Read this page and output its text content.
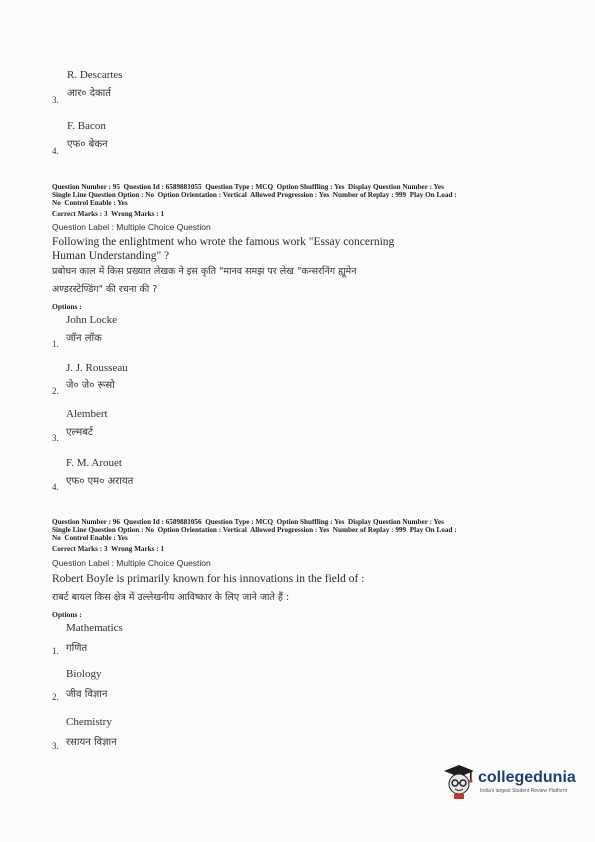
R. Descartes
आर० देकार्त
3.
F. Bacon
एफ० बेकन
4.
Question Number : 95  Question Id : 6589881055  Question Type : MCQ  Option Shuffling : Yes  Display Question Number : Yes
Single Line Question Option : No  Option Orientation : Vertical  Allowed Progression : Yes  Number of Replay : 999  Play On Load :
No  Control Enable : Yes
Correct Marks : 3  Wrong Marks : 1
Question Label : Multiple Choice Question
Following the enlightment who wrote the famous work "Essay concerning
Human Understanding" ?
प्रबोधन काल में किस प्रख्यात लेखक ने इस कृति "मानव समझ पर लेख "कन्सरनिंग ह्यूमेन
अण्डरस्टेण्डिंग" की रचना की ?
Options :
John Locke
जॉन लॉक
1.
J. J. Rousseau
जे० जे० रूसो
2.
Alembert
एल्मबर्ट
3.
F. M. Arouet
एफ० एम० अरायत
4.
Question Number : 96  Question Id : 6589881056  Question Type : MCQ  Option Shuffling : Yes  Display Question Number : Yes
Single Line Question Option : No  Option Orientation : Vertical  Allowed Progression : Yes  Number of Replay : 999  Play On Load :
No  Control Enable : Yes
Correct Marks : 3  Wrong Marks : 1
Question Label : Multiple Choice Question
Robert Boyle is primarily known for his innovations in the field of :
राबर्ट बायल किस क्षेत्र में उल्लेखनीय आविष्कार के लिए जाने जाते हैं :
Options :
Mathematics
गणित
1.
Biology
जीव विज्ञान
2.
Chemistry
रसायन विज्ञान
3.
collegedunia
India's largest Student Review Platform
